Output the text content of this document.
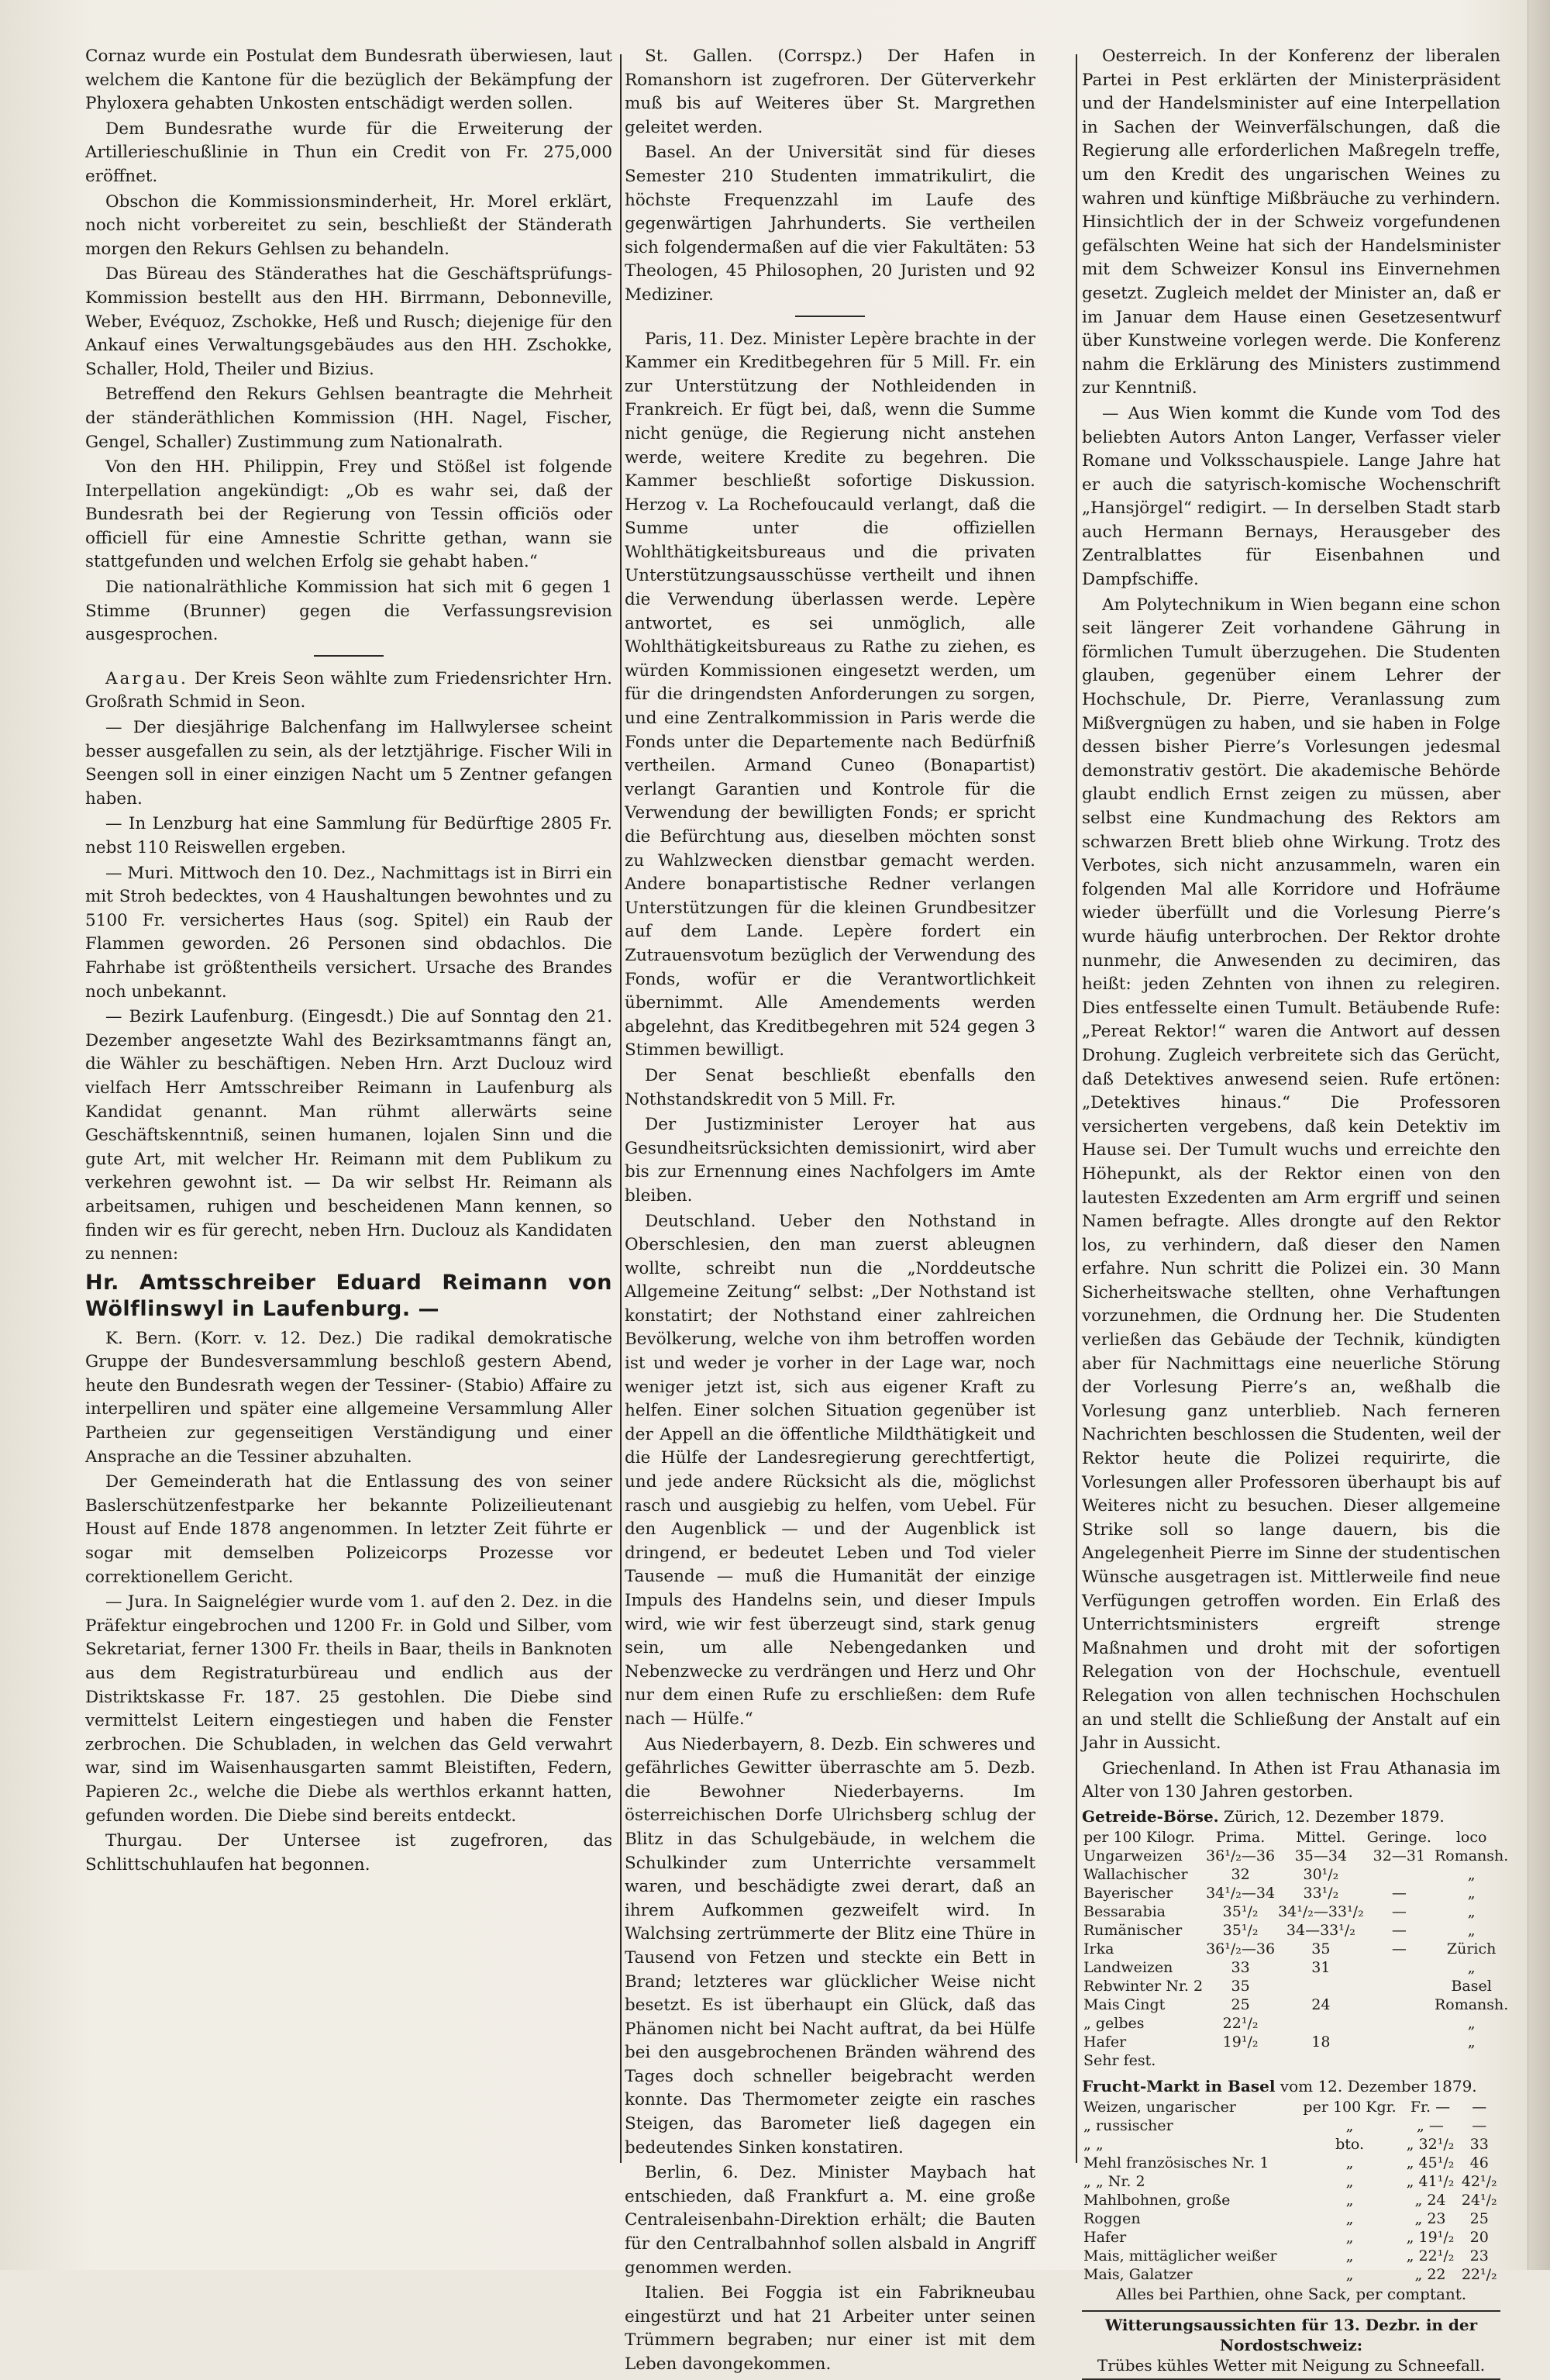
Cornaz wurde ein Postulat dem Bundesrath überwiesen, laut welchem die Kantone für die bezüglich der Bekämpfung der Phyloxera gehabten Unkosten entschädigt werden sollen.

Dem Bundesrathe wurde für die Erweiterung der Artillerieschußlinie in Thun ein Credit von Fr. 275,000 eröffnet.

Obschon die Kommissionsminderheit, Hr. Morel erklärt, noch nicht vorbereitet zu sein, beschließt der Ständerath morgen den Rekurs Gehlsen zu behandeln.

Das Büreau des Ständerathes hat die Geschäftsprüfungs-Kommission bestellt aus den HH. Birrmann, Debonneville, Weber, Evéquoz, Zschokke, Heß und Rusch; diejenige für den Ankauf eines Verwaltungsgebäudes aus den HH. Zschokke, Schaller, Hold, Theiler und Bizius.

Betreffend den Rekurs Gehlsen beantragte die Mehrheit der ständeräthlichen Kommission (HH. Nagel, Fischer, Gengel, Schaller) Zustimmung zum Nationalrath.

Von den HH. Philippin, Frey und Stößel ist folgende Interpellation angekündigt: „Ob es wahr sei, daß der Bundesrath bei der Regierung von Tessin officiös oder officiell für eine Amnestie Schritte gethan, wann sie stattgefunden und welchen Erfolg sie gehabt haben.“

Die nationalräthliche Kommission hat sich mit 6 gegen 1 Stimme (Brunner) gegen die Verfassungsrevision ausgesprochen.

Aargau. Der Kreis Seon wählte zum Friedensrichter Hrn. Großrath Schmid in Seon.

— Der diesjährige Balchenfang im Hallwylersee scheint besser ausgefallen zu sein, als der letztjährige. Fischer Wili in Seengen soll in einer einzigen Nacht um 5 Zentner gefangen haben.

— In Lenzburg hat eine Sammlung für Bedürftige 2805 Fr. nebst 110 Reiswellen ergeben.

— Muri. Mittwoch den 10. Dez., Nachmittags ist in Birri ein mit Stroh bedecktes, von 4 Haushaltungen bewohntes und zu 5100 Fr. versichertes Haus (sog. Spitel) ein Raub der Flammen geworden. 26 Personen sind obdachlos. Die Fahrhabe ist größtentheils versichert. Ursache des Brandes noch unbekannt.

— Bezirk Laufenburg. (Eingesdt.) Die auf Sonntag den 21. Dezember angesetzte Wahl des Bezirksamtmanns fängt an, die Wähler zu beschäftigen. Neben Hrn. Arzt Duclouz wird vielfach Herr Amtsschreiber Reimann in Laufenburg als Kandidat genannt. Man rühmt allerwärts seine Geschäftskenntniß, seinen humanen, lojalen Sinn und die gute Art, mit welcher Hr. Reimann mit dem Publikum zu verkehren gewohnt ist. — Da wir selbst Hr. Reimann als arbeitsamen, ruhigen und bescheidenen Mann kennen, so finden wir es für gerecht, neben Hrn. Duclouz als Kandidaten zu nennen:

Hr. Amtsschreiber Eduard Reimann von Wölflinswyl in Laufenburg. —

K. Bern. (Korr. v. 12. Dez.) Die radikal demokratische Gruppe der Bundesversammlung beschloß gestern Abend, heute den Bundesrath wegen der Tessiner- (Stabio) Affaire zu interpelliren und später eine allgemeine Versammlung Aller Partheien zur gegenseitigen Verständigung und einer Ansprache an die Tessiner abzuhalten.

Der Gemeinderath hat die Entlassung des von seiner Baslerschützenfestparke her bekannte Polizeilieutenant Houst auf Ende 1878 angenommen. In letzter Zeit führte er sogar mit demselben Polizeicorps Prozesse vor correktionellem Gericht.

— Jura. In Saignelégier wurde vom 1. auf den 2. Dez. in die Präfektur eingebrochen und 1200 Fr. in Gold und Silber, vom Sekretariat, ferner 1300 Fr. theils in Baar, theils in Banknoten aus dem Registraturbüreau und endlich aus der Distriktskasse Fr. 187. 25 gestohlen. Die Diebe sind vermittelst Leitern eingestiegen und haben die Fenster zerbrochen. Die Schubladen, in welchen das Geld verwahrt war, sind im Waisenhausgarten sammt Bleistiften, Federn, Papieren 2c., welche die Diebe als werthlos erkannt hatten, gefunden worden. Die Diebe sind bereits entdeckt.

Thurgau. Der Untersee ist zugefroren, das Schlittschuhlaufen hat begonnen.

St. Gallen. (Corrspz.) Der Hafen in Romanshorn ist zugefroren. Der Güterverkehr muß bis auf Weiteres über St. Margrethen geleitet werden.

Basel. An der Universität sind für dieses Semester 210 Studenten immatrikulirt, die höchste Frequenzzahl im Laufe des gegenwärtigen Jahrhunderts. Sie vertheilen sich folgendermaßen auf die vier Fakultäten: 53 Theologen, 45 Philosophen, 20 Juristen und 92 Mediziner.

Paris, 11. Dez. Minister Lepère brachte in der Kammer ein Kreditbegehren für 5 Mill. Fr. ein zur Unterstützung der Nothleidenden in Frankreich. Er fügt bei, daß, wenn die Summe nicht genüge, die Regierung nicht anstehen werde, weitere Kredite zu begehren. Die Kammer beschließt sofortige Diskussion. Herzog v. La Rochefoucauld verlangt, daß die Summe unter die offiziellen Wohlthätigkeitsbureaus und die privaten Unterstützungsausschüsse vertheilt und ihnen die Verwendung überlassen werde. Lepère antwortet, es sei unmöglich, alle Wohlthätigkeitsbureaus zu Rathe zu ziehen, es würden Kommissionen eingesetzt werden, um für die dringendsten Anforderungen zu sorgen, und eine Zentralkommission in Paris werde die Fonds unter die Departemente nach Bedürfniß vertheilen. Armand Cuneo (Bonapartist) verlangt Garantien und Kontrole für die Verwendung der bewilligten Fonds; er spricht die Befürchtung aus, dieselben möchten sonst zu Wahlzwecken dienstbar gemacht werden. Andere bonapartistische Redner verlangen Unterstützungen für die kleinen Grundbesitzer auf dem Lande. Lepère fordert ein Zutrauensvotum bezüglich der Verwendung des Fonds, wofür er die Verantwortlichkeit übernimmt. Alle Amendements werden abgelehnt, das Kreditbegehren mit 524 gegen 3 Stimmen bewilligt.

Der Senat beschließt ebenfalls den Nothstandskredit von 5 Mill. Fr.

Der Justizminister Leroyer hat aus Gesundheitsrücksichten demissionirt, wird aber bis zur Ernennung eines Nachfolgers im Amte bleiben.

Deutschland. Ueber den Nothstand in Oberschlesien, den man zuerst ableugnen wollte, schreibt nun die „Norddeutsche Allgemeine Zeitung“ selbst: „Der Nothstand ist konstatirt; der Nothstand einer zahlreichen Bevölkerung, welche von ihm betroffen worden ist und weder je vorher in der Lage war, noch weniger jetzt ist, sich aus eigener Kraft zu helfen. Einer solchen Situation gegenüber ist der Appell an die öffentliche Mildthätigkeit und die Hülfe der Landesregierung gerechtfertigt, und jede andere Rücksicht als die, möglichst rasch und ausgiebig zu helfen, vom Uebel. Für den Augenblick — und der Augenblick ist dringend, er bedeutet Leben und Tod vieler Tausende — muß die Humanität der einzige Impuls des Handelns sein, und dieser Impuls wird, wie wir fest überzeugt sind, stark genug sein, um alle Nebengedanken und Nebenzwecke zu verdrängen und Herz und Ohr nur dem einen Rufe zu erschließen: dem Rufe nach — Hülfe.“

Aus Niederbayern, 8. Dezb. Ein schweres und gefährliches Gewitter überraschte am 5. Dezb. die Bewohner Niederbayerns. Im österreichischen Dorfe Ulrichsberg schlug der Blitz in das Schulgebäude, in welchem die Schulkinder zum Unterrichte versammelt waren, und beschädigte zwei derart, daß an ihrem Aufkommen gezweifelt wird. In Walchsing zertrümmerte der Blitz eine Thüre in Tausend von Fetzen und steckte ein Bett in Brand; letzteres war glücklicher Weise nicht besetzt. Es ist überhaupt ein Glück, daß das Phänomen nicht bei Nacht auftrat, da bei Hülfe bei den ausgebrochenen Bränden während des Tages doch schneller beigebracht werden konnte. Das Thermometer zeigte ein rasches Steigen, das Barometer ließ dagegen ein bedeutendes Sinken konstatiren.

Berlin, 6. Dez. Minister Maybach hat entschieden, daß Frankfurt a. M. eine große Centraleisenbahn-Direktion erhält; die Bauten für den Centralbahnhof sollen alsbald in Angriff genommen werden.

Italien. Bei Foggia ist ein Fabrikneubau eingestürzt und hat 21 Arbeiter unter seinen Trümmern begraben; nur einer ist mit dem Leben davongekommen.

Oesterreich. In der Konferenz der liberalen Partei in Pest erklärten der Ministerpräsident und der Handelsminister auf eine Interpellation in Sachen der Weinverfälschungen, daß die Regierung alle erforderlichen Maßregeln treffe, um den Kredit des ungarischen Weines zu wahren und künftige Mißbräuche zu verhindern. Hinsichtlich der in der Schweiz vorgefundenen gefälschten Weine hat sich der Handelsminister mit dem Schweizer Konsul ins Einvernehmen gesetzt. Zugleich meldet der Minister an, daß er im Januar dem Hause einen Gesetzesentwurf über Kunstweine vorlegen werde. Die Konferenz nahm die Erklärung des Ministers zustimmend zur Kenntniß.

— Aus Wien kommt die Kunde vom Tod des beliebten Autors Anton Langer, Verfasser vieler Romane und Volksschauspiele. Lange Jahre hat er auch die satyrisch-komische Wochenschrift „Hansjörgel“ redigirt. — In derselben Stadt starb auch Hermann Bernays, Herausgeber des Zentralblattes für Eisenbahnen und Dampfschiffe.

Am Polytechnikum in Wien begann eine schon seit längerer Zeit vorhandene Gährung in förmlichen Tumult überzugehen. Die Studenten glauben, gegenüber einem Lehrer der Hochschule, Dr. Pierre, Veranlassung zum Mißvergnügen zu haben, und sie haben in Folge dessen bisher Pierre’s Vorlesungen jedesmal demonstrativ gestört. Die akademische Behörde glaubt endlich Ernst zeigen zu müssen, aber selbst eine Kundmachung des Rektors am schwarzen Brett blieb ohne Wirkung. Trotz des Verbotes, sich nicht anzusammeln, waren ein folgenden Mal alle Korridore und Hofräume wieder überfüllt und die Vorlesung Pierre’s wurde häufig unterbrochen. Der Rektor drohte nunmehr, die Anwesenden zu decimiren, das heißt: jeden Zehnten von ihnen zu relegiren. Dies entfesselte einen Tumult. Betäubende Rufe: „Pereat Rektor!“ waren die Antwort auf dessen Drohung. Zugleich verbreitete sich das Gerücht, daß Detektives anwesend seien. Rufe ertönen: „Detektives hinaus.“ Die Professoren versicherten vergebens, daß kein Detektiv im Hause sei. Der Tumult wuchs und erreichte den Höhepunkt, als der Rektor einen von den lautesten Exzedenten am Arm ergriff und seinen Namen befragte. Alles drongte auf den Rektor los, zu verhindern, daß dieser den Namen erfahre. Nun schritt die Polizei ein. 30 Mann Sicherheitswache stellten, ohne Verhaftungen vorzunehmen, die Ordnung her. Die Studenten verließen das Gebäude der Technik, kündigten aber für Nachmittags eine neuerliche Störung der Vorlesung Pierre’s an, weßhalb die Vorlesung ganz unterblieb. Nach ferneren Nachrichten beschlossen die Studenten, weil der Rektor heute die Polizei requirirte, die Vorlesungen aller Professoren überhaupt bis auf Weiteres nicht zu besuchen. Dieser allgemeine Strike soll so lange dauern, bis die Angelegenheit Pierre im Sinne der studentischen Wünsche ausgetragen ist. Mittlerweile find neue Verfügungen getroffen worden. Ein Erlaß des Unterrichtsministers ergreift strenge Maßnahmen und droht mit der sofortigen Relegation von der Hochschule, eventuell Relegation von allen technischen Hochschulen an und stellt die Schließung der Anstalt auf ein Jahr in Aussicht.

Griechenland. In Athen ist Frau Athanasia im Alter von 130 Jahren gestorben.

Getreide-Börse. Zürich, 12. Dezember 1879.

per 100 Kilogr.	Prima.	Mittel.	Geringe.	loco
Ungarweizen	36¹/₂—36	35—34	32—31	Romansh.
Wallachischer	32	30¹/₂		„
Bayerischer	34¹/₂—34	33¹/₂	—	„
Bessarabia	35¹/₂	34¹/₂—33¹/₂	—	„
Rumänischer	35¹/₂	34—33¹/₂	—	„
Irka	36¹/₂—36	35	—	Zürich
Landweizen	33	31		„
Rebwinter Nr. 2	35			Basel
Mais Cingt	25	24		Romansh.
„ gelbes	22¹/₂			„
Hafer	19¹/₂	18		„
Sehr fest.				

Frucht-Markt in Basel vom 12. Dezember 1879.

Weizen, ungarischer	per 100 Kgr.	Fr. —	—
„ russischer	„	„ —	—
„ „	bto.	„ 32¹/₂	33
Mehl französisches Nr. 1	„	„ 45¹/₂	46
„ „ Nr. 2	„	„ 41¹/₂	42¹/₂
Mahlbohnen, große	„	„ 24	24¹/₂
Roggen	„	„ 23	25
Hafer	„	„ 19¹/₂	20
Mais, mittäglicher weißer	„	„ 22¹/₂	23
Mais, Galatzer	„	„ 22	22¹/₂

Alles bei Parthien, ohne Sack, per comptant.

Witterungsaussichten für 13. Dezbr. in der Nordostschweiz:
Trübes kühles Wetter mit Neigung zu Schneefall.
